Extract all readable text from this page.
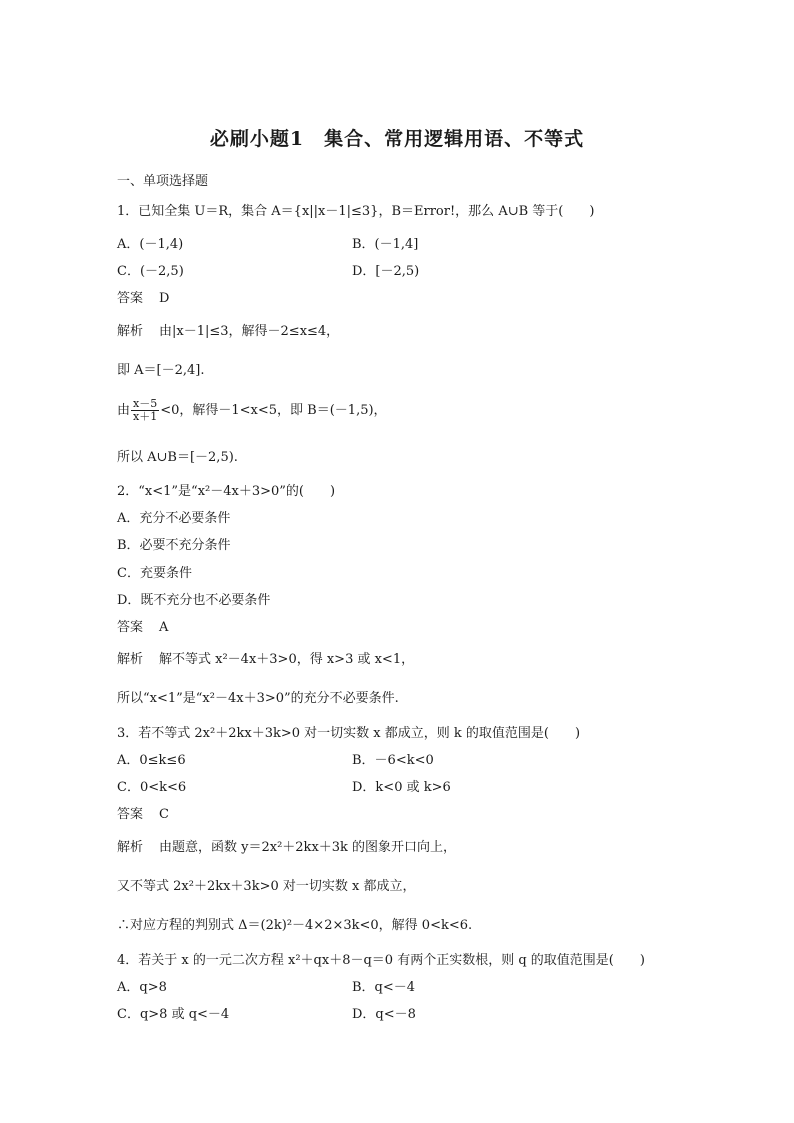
必刷小题1　集合、常用逻辑用语、不等式
一、单项选择题
1．已知全集 U＝R，集合 A＝{x||x－1|≤3}，B＝Error!，那么 A∪B 等于(　　)
A．(－1,4)	B．(－1,4]
C．(－2,5)	D．[－2,5)
答案 D
解析 由|x－1|≤3，解得－2≤x≤4，
即 A＝[－2,4].
由 $\frac{x-5}{x+1} <0$，解得－1<x<5，即 B＝(－1,5)，
所以 A∪B＝[－2,5).
2．“x<1”是“x²－4x＋3>0”的(　　)
A．充分不必要条件
B．必要不充分条件
C．充要条件
D．既不充分也不必要条件
答案 A
解析 解不等式 x²－4x＋3>0，得 x>3 或 x<1，
所以“x<1”是“x²－4x＋3>0”的充分不必要条件.
3．若不等式 2x²＋2kx＋3k>0 对一切实数 x 都成立，则 k 的取值范围是(　　)
A．0≤k≤6	B．－6<k<0
C．0<k<6	D．k<0 或 k>6
答案 C
解析 由题意，函数 y＝2x²＋2kx＋3k 的图象开口向上，
又不等式 2x²＋2kx＋3k>0 对一切实数 x 都成立，
∴对应方程的判别式 Δ＝(2k)²－4×2×3k<0，解得 0<k<6.
4．若关于 x 的一元二次方程 x²＋qx＋8－q＝0 有两个正实数根，则 q 的取值范围是(　　)
A．q>8	B．q<－4
C．q>8 或 q<－4	D．q<－8
